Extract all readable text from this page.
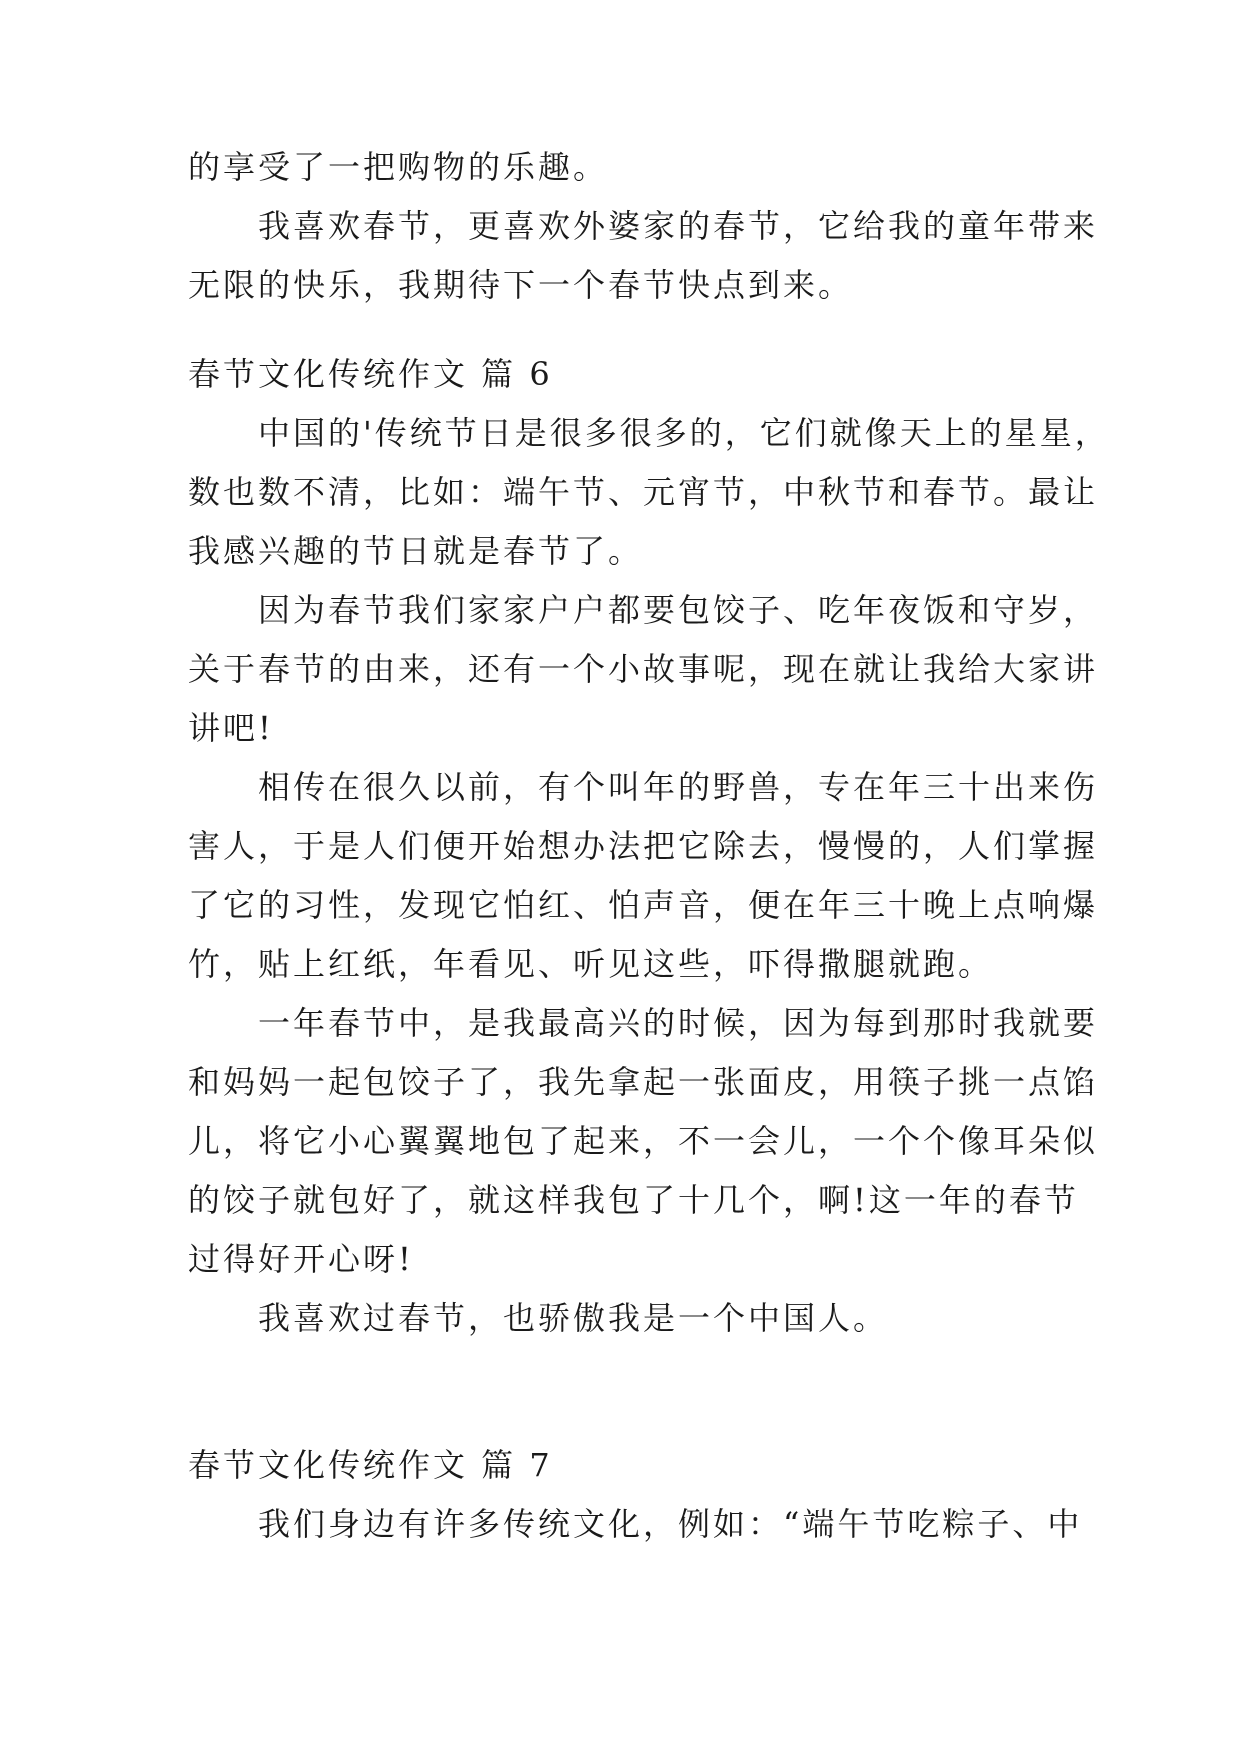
的享受了一把购物的乐趣。
我喜欢春节，更喜欢外婆家的春节，它给我的童年带来
无限的快乐，我期待下一个春节快点到来。
春节文化传统作文 篇 6
中国的'传统节日是很多很多的，它们就像天上的星星，
数也数不清，比如：端午节、元宵节，中秋节和春节。最让
我感兴趣的节日就是春节了。
因为春节我们家家户户都要包饺子、吃年夜饭和守岁，
关于春节的由来，还有一个小故事呢，现在就让我给大家讲
讲吧!
相传在很久以前，有个叫年的野兽，专在年三十出来伤
害人，于是人们便开始想办法把它除去，慢慢的，人们掌握
了它的习性，发现它怕红、怕声音，便在年三十晚上点响爆
竹，贴上红纸，年看见、听见这些，吓得撒腿就跑。
一年春节中，是我最高兴的时候，因为每到那时我就要
和妈妈一起包饺子了，我先拿起一张面皮，用筷子挑一点馅
儿，将它小心翼翼地包了起来，不一会儿，一个个像耳朵似
的饺子就包好了，就这样我包了十几个，啊!这一年的春节
过得好开心呀!
我喜欢过春节，也骄傲我是一个中国人。
春节文化传统作文 篇 7
我们身边有许多传统文化，例如：“端午节吃粽子、中
